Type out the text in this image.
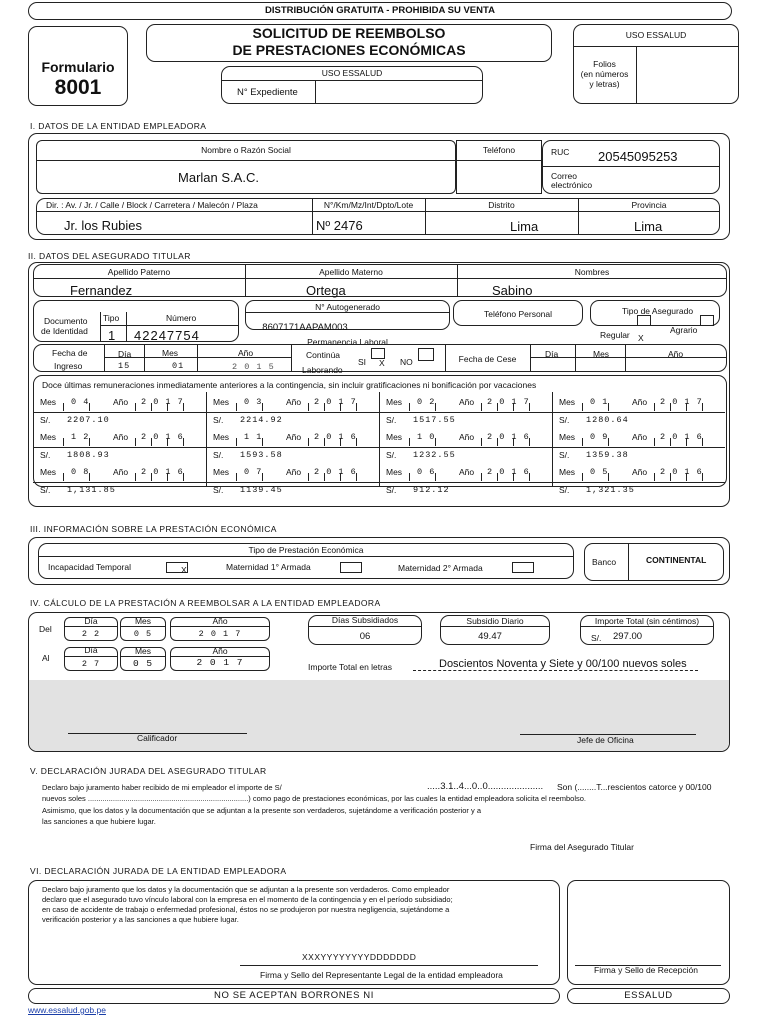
DISTRIBUCIÓN GRATUITA - PROHIBIDA SU VENTA
Formulario
8001
SOLICITUD DE REEMBOLSO
DE PRESTACIONES ECONÓMICAS
USO ESSALUD
N° Expediente
USO ESSALUD
Folios
(en números
y letras)
I. DATOS DE LA ENTIDAD EMPLEADORA
Nombre o Razón Social
Marlan S.A.C.
Teléfono	RUC 20545095253
Correo
electrónico
Dir. : Av. / Jr. / Calle / Block / Carretera / Malecón / Plaza
Jr. los Rubies
N°/Km/Mz/Int/Dpto/Lote
Nº 2476
Distrito
Lima
Provincia
Lima
II. DATOS DEL ASEGURADO TITULAR
Apellido Paterno
Fernandez
Apellido Materno
Ortega
Nombres
Sabino
Documento
de Identidad
Tipo	Número
1 42247754
N° Autogenerado
8607171AAPAM003
Teléfono Personal	Tipo de Asegurado
Regular X
Agrario
Permanencia Laboral
Fecha de
Ingreso
Día	Mes	Año
15	01	2 0 1 5
Continúa
Laborando
SI X NO	Fecha de Cese	Día	Mes	Año
Doce últimas remuneraciones inmediatamente anteriores a la contingencia, sin incluir gratificaciones ni bonificación por vacaciones
Mes 0 4	Año 2 0 1 7
S/. 2207.10
Mes 0 3	Año 2 0 1 7
S/. 2214.92
Mes 0 2	Año 2 0 1 7
S/. 1517.55
Mes 0 1	Año 2 0 1 7
S/. 1280.64
Mes 1 2	Año 2 0 1 6
S/. 1808.93
Mes 1 1	Año 2 0 1 6
S/. 1593.58
Mes 1 0	Año 2 0 1 6
S/. 1232.55
Mes 0 9	Año 2 0 1 6
S/. 1359.38
Mes 0 8	Año 2 0 1 6
S/. 1,131.85
Mes 0 7	Año 2 0 1 6
S/. 1139.45
Mes 0 6	Año 2 0 1 6
S/. 912.12
Mes 0 5	Año 2 0 1 6
S/. 1,321.35
III. INFORMACIÓN SOBRE LA PRESTACIÓN ECONÓMICA
Tipo de Prestación Económica
Incapacidad Temporal	X	Maternidad 1° Armada	Maternidad 2° Armada
Banco	CONTINENTAL
IV. CÁLCULO DE LA PRESTACIÓN A REEMBOLSAR A LA ENTIDAD EMPLEADORA
Del
Al
Día
2 2
Mes
0 5
Año
2 0 1 7
Día
2 7
Mes
0 5
Año
2 0 1 7
Días Subsidiados
06
Subsidio Diario
49.47
Importe Total (sin céntimos)
S/. 297.00
Importe Total en letras	Doscientos Noventa y Siete y 00/100 nuevos soles
Calificador	Jefe de Oficina
V. DECLARACIÓN JURADA DEL ASEGURADO TITULAR
Declaro bajo juramento haber recibido de mi empleador el importe de S/	.....3.1..4...0..0..................... Son (........T...rescientos catorce y 00/100
nuevos soles .............................................................................) como pago de prestaciones económicas, por las cuales la entidad empleadora solicita el reembolso.
Asimismo, que los datos y la documentación que se adjuntan a la presente son verdaderos, sujetándome a verificación posterior y a
las sanciones a que hubiere lugar.
Firma del Asegurado Titular
VI. DECLARACIÓN JURADA DE LA ENTIDAD EMPLEADORA
Declaro bajo juramento que los datos y la documentación que se adjuntan a la presente son verdaderos. Como empleador
declaro que el asegurado tuvo vínculo laboral con la empresa en el momento de la contingencia y en el período subsidiado;
en caso de accidente de trabajo o enfermedad profesional, éstos no se produjeron por nuestra negligencia, sujetándome a
verificación posterior y a las sanciones a que hubiere lugar.
XXXYYYYYYYYDDDDDDD
Firma y Sello del Representante Legal de la entidad empleadora	Firma y Sello de Recepción
NO SE ACEPTAN BORRONES NI	ESSALUD
www.essalud.gob.pe
